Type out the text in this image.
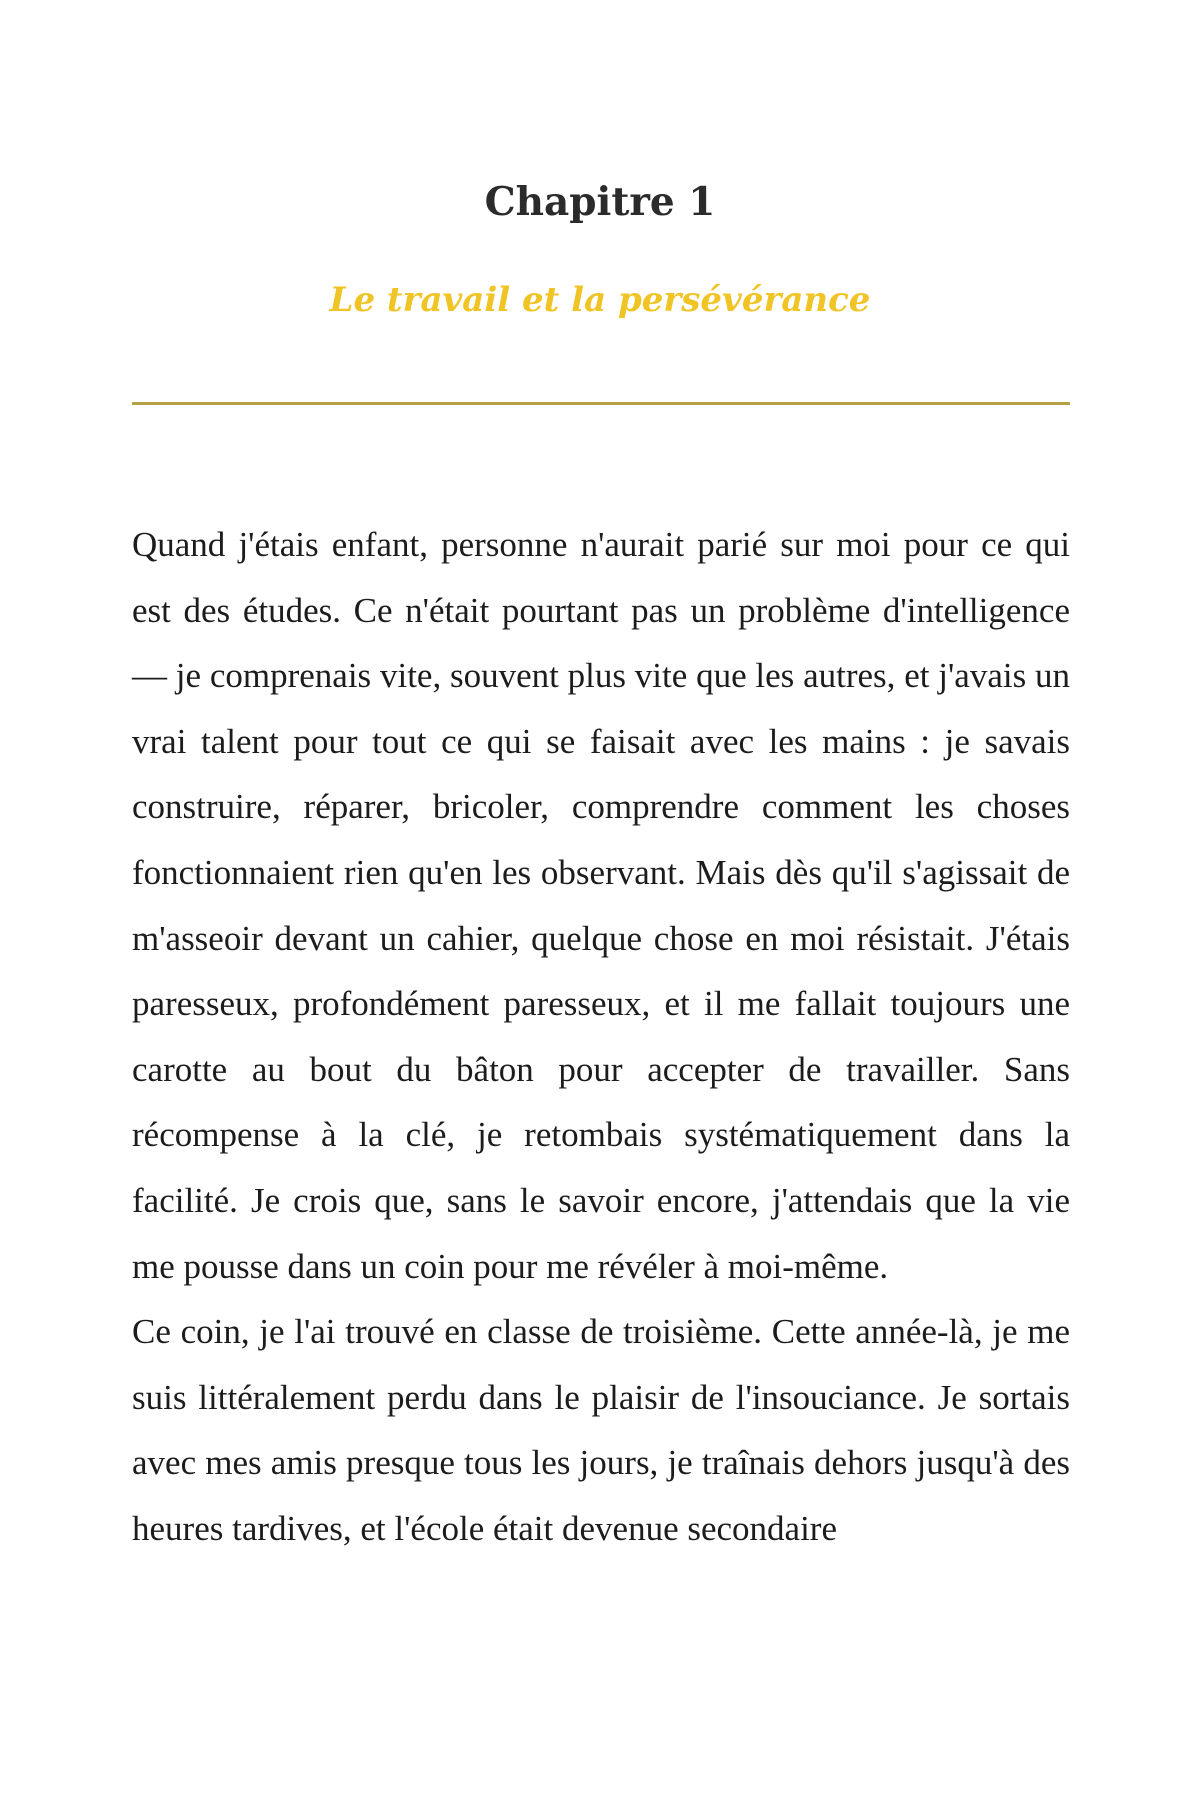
Chapitre 1
Le travail et la persévérance

Quand j'étais enfant, personne n'aurait parié sur moi pour ce qui est des études. Ce n'était pourtant pas un problème d'intelligence — je comprenais vite, souvent plus vite que les autres, et j'avais un vrai talent pour tout ce qui se faisait avec les mains : je savais construire, réparer, bricoler, comprendre comment les choses fonctionnaient rien qu'en les observant. Mais dès qu'il s'agissait de m'asseoir devant un cahier, quelque chose en moi résistait. J'étais paresseux, profondément paresseux, et il me fallait toujours une carotte au bout du bâton pour accepter de travailler. Sans récompense à la clé, je retombais systématiquement dans la facilité. Je crois que, sans le savoir encore, j'attendais que la vie me pousse dans un coin pour me révéler à moi-même.

Ce coin, je l'ai trouvé en classe de troisième. Cette année-là, je me suis littéralement perdu dans le plaisir de l'insouciance. Je sortais avec mes amis presque tous les jours, je traînais dehors jusqu'à des heures tardives, et l'école était devenue secondaire
